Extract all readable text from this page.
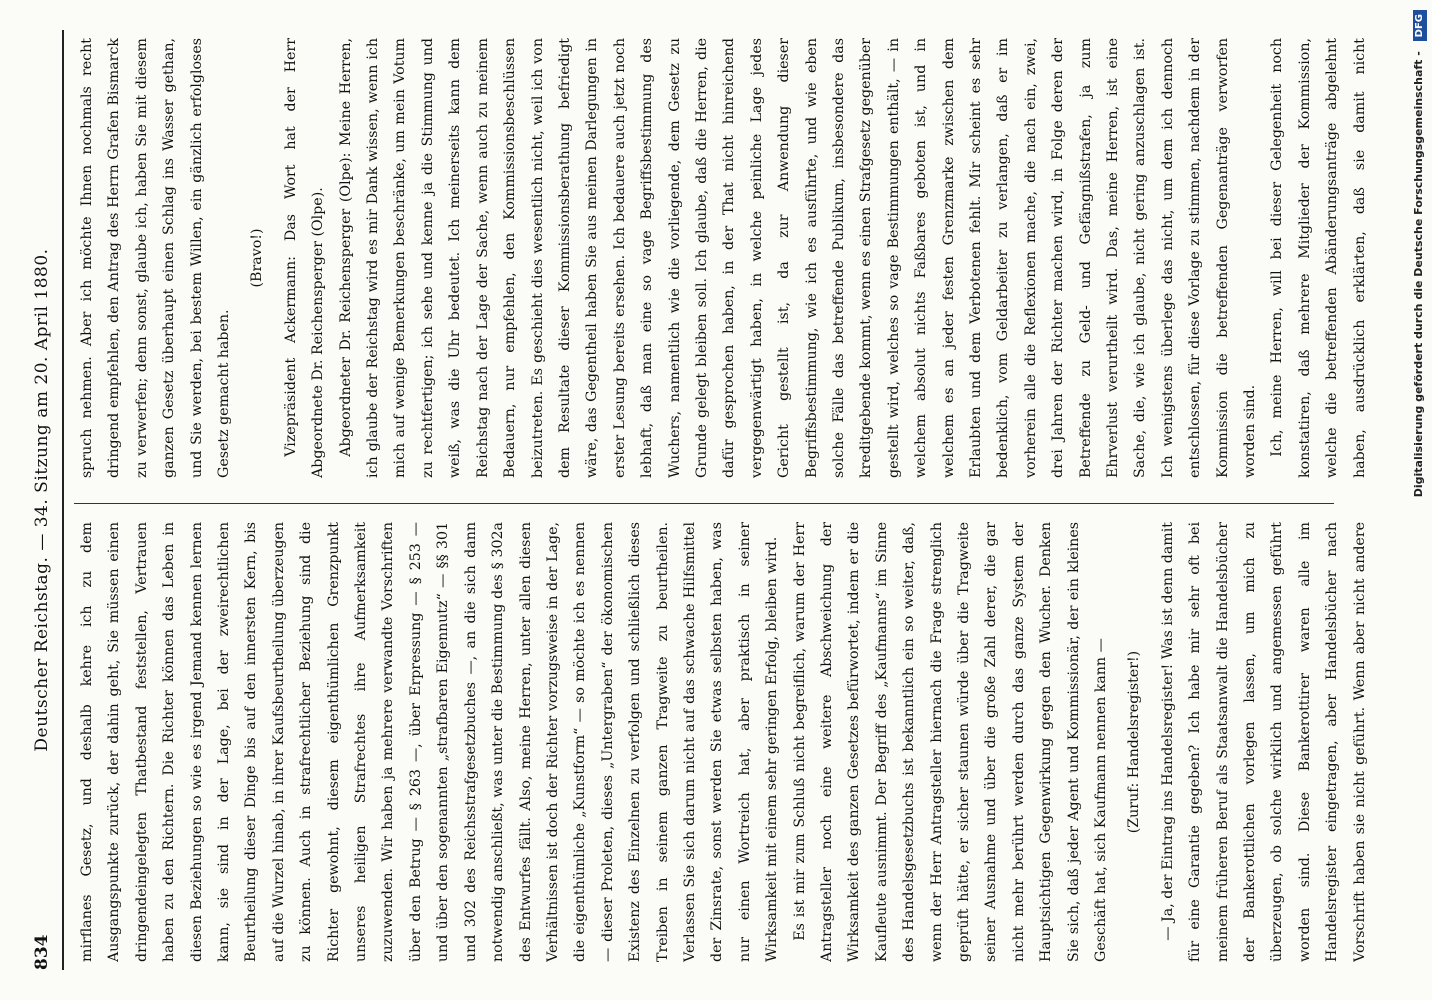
834
Deutscher Reichstag. — 34. Sitzung am 20. April 1880.	mirflanes Gesetz, und deshalb kehre ich zu dem Ausgangspunkte zurück, der dahin geht, Sie müssen einen dringendeingelegten Thatbestand feststellen, Vertrauen haben zu den Richtern. Die Richter können das Leben in diesen Beziehungen so wie es irgend Jemand kennen lernen kann, sie sind in der Lage, bei der zweirechtlichen Beurtheilung dieser Dinge bis auf den innersten Kern, bis auf die Wurzel hinab, in ihrer Kaufsbeurtheilung überzeugen zu können. Auch in strafrechtlicher Beziehung sind die Richter gewohnt, diesem eigenthümlichen Grenzpunkt unseres heiligen Strafrechtes ihre Aufmerksamkeit zuzuwenden. Wir haben ja mehrere verwandte Vorschriften über den Betrug — § 263 —, über Erpressung — § 253 — und über den sogenannten „strafbaren Eigennutz“ — §§ 301 und 302 des Reichsstrafgesetzbuches —, an die sich dann notwendig anschließt, was unter die Bestimmung des § 302a des Entwurfes fällt. Also, meine Herren, unter allen diesen Verhältnissen ist doch der Richter vorzugsweise in der Lage, die eigenthümliche „Kunstform“ — so möchte ich es nennen — dieser Proleten, dieses „Untergraben“ der ökonomischen Existenz des Einzelnen zu verfolgen und schließlich dieses Treiben in seinem ganzen Tragweite zu beurtheilen. Verlassen Sie sich darum nicht auf das schwache Hilfsmittel der Zinsrate, sonst werden Sie etwas selbsten haben, was nur einen Wortreich hat, aber praktisch in seiner Wirksamkeit mit einem sehr geringen Erfolg, bleiben wird. Es ist mir zum Schluß nicht begreiflich, warum der Herr Antragsteller noch eine weitere Abschweichung der Wirksamkeit des ganzen Gesetzes befürwortet, indem er die Kaufleute ausnimmt. Der Begriff des „Kaufmanns“ im Sinne des Handelsgesetzbuchs ist bekanntlich ein so weiter, daß, wenn der Herr Antragsteller hiernach die Frage strenglich geprüft hätte, er sicher staunen würde über die Tragweite seiner Ausnahme und über die große Zahl derer, die gar nicht mehr berührt werden durch das ganze System der Hauptsichtigen Gegenwirkung gegen den Wucher. Denken Sie sich, daß jeder Agent und Kommissionär, der ein kleines Geschäft hat, sich Kaufmann nennen kann —	(Zuruf: Handelsregister!)

— Ja, der Eintrag ins Handelsregister! Was ist denn damit für eine Garantie gegeben? Ich habe mir sehr oft bei meinem früheren Beruf als Staatsanwalt die Handelsbücher der Bankerottlichen vorlegen lassen, um mich zu überzeugen, ob solche wirklich und angemessen geführt worden sind. Diese Bankerottirer waren alle im Handelsregister eingetragen, aber Handelsbücher nach Vorschrift haben sie nicht geführt. Wenn aber nicht andere

spruch nehmen. Aber ich möchte Ihnen nochmals recht dringend empfehlen, den Antrag des Herrn Grafen Bismarck zu verwerfen; denn sonst, glaube ich, haben Sie mit diesem ganzen Gesetz überhaupt einen Schlag ins Wasser gethan, und Sie werden, bei bestem Willen, ein gänzlich erfolgloses Gesetz gemacht haben.

(Bravo!)	Vizepräsident Ackermann: Das Wort hat der Herr Abgeordnete Dr. Reichensperger (Olpe). Abgeordneter Dr. Reichensperger (Olpe): Meine Herren, ich glaube der Reichstag wird es mir Dank wissen, wenn ich mich auf wenige Bemerkungen beschränke, um mein Votum zu rechtfertigen; ich sehe und kenne ja die Stimmung und weiß, was die Uhr bedeutet. Ich meinerseits kann dem Reichstag nach der Lage der Sache, wenn auch zu meinem Bedauern, nur empfehlen, den Kommissionsbeschlüssen beizutreten. Es geschieht dies wesentlich nicht, weil ich von dem Resultate dieser Kommissionsberathung befriedigt wäre, das Gegentheil haben Sie aus meinen Darlegungen in erster Lesung bereits ersehen. Ich bedauere auch jetzt noch lebhaft, daß man eine so vage Begriffsbestimmung des Wuchers, namentlich wie die vorliegende, dem Gesetz zu Grunde gelegt bleiben soll. Ich glaube, daß die Herren, die dafür gesprochen haben, in der That nicht hinreichend vergegenwärtigt haben, in welche peinliche Lage jedes Gericht gestellt ist, da zur Anwendung dieser Begriffsbestimmung, wie ich es ausführte, und wie eben solche Fälle das betreffende Publikum, insbesondere das kreditgebende kommt, wenn es einen Strafgesetz gegenüber gestellt wird, welches so vage Bestimmungen enthält, — in welchem absolut nichts Faßbares geboten ist, und in welchem es an jeder festen Grenzmarke zwischen dem Erlaubten und dem Verbotenen fehlt. Mir scheint es sehr bedenklich, vom Geldarbeiter zu verlangen, daß er im vorherein alle die Reflexionen mache, die nach ein, zwei, drei Jahren der Richter machen wird, in Folge deren der Betreffende zu Geld- und Gefängnißstrafen, ja zum Ehrverlust verurtheilt wird. Das, meine Herren, ist eine Sache, die, wie ich glaube, nicht gering anzuschlagen ist. Ich wenigstens überlege das nicht, um dem ich dennoch entschlossen, für diese Vorlage zu stimmen, nachdem in der Kommission die betreffenden Gegenanträge verworfen worden sind. Ich, meine Herren, will bei dieser Gelegenheit noch konstatiren, daß mehrere Mitglieder der Kommission, welche die betreffenden Abänderungsanträge abgelehnt haben, ausdrücklich erklärten, daß sie damit nicht	Digitalisierung gefördert durch die Deutsche Forschungsgemeinschaft - DFG
